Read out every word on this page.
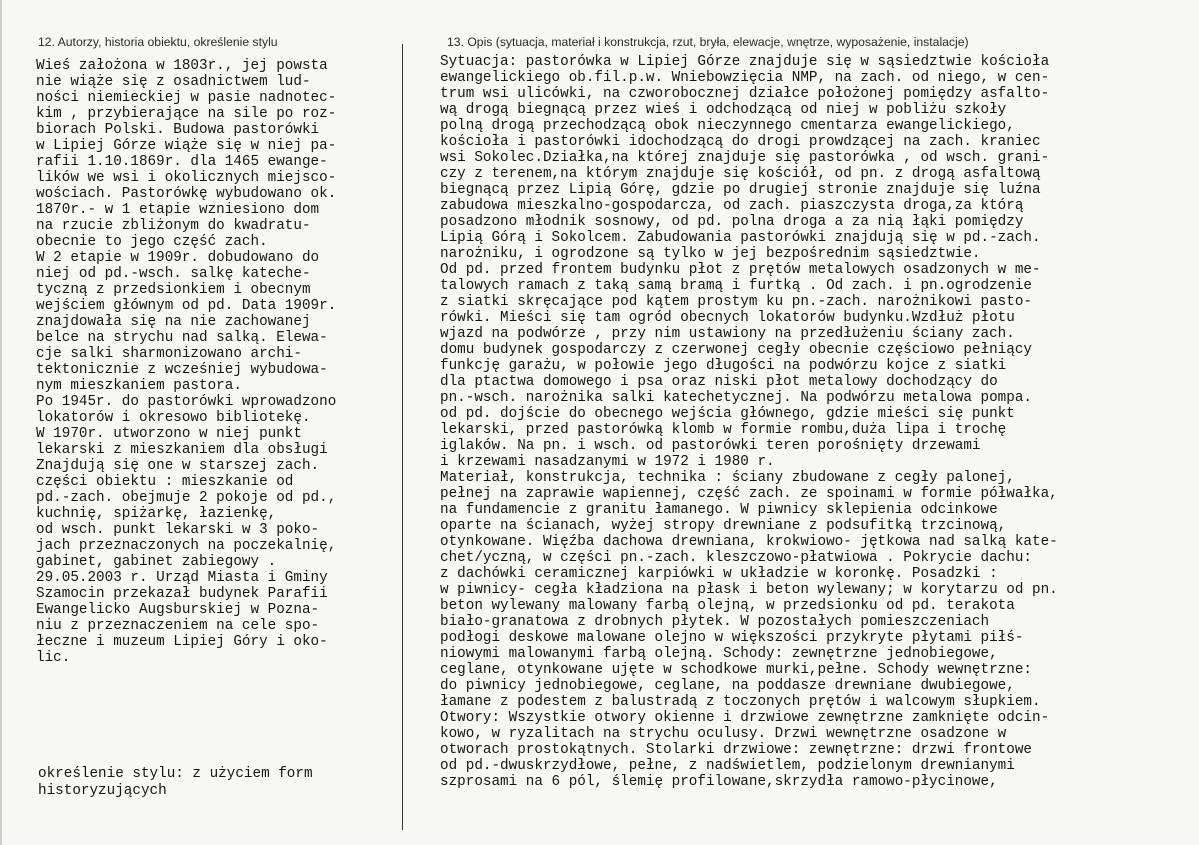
12. Autorzy, historia obiektu, określenie stylu	13. Opis (sytuacja, materiał i konstrukcja, rzut, bryła, elewacje, wnętrze, wyposażenie, instalacje)
Wieś założona w 1803r., jej powsta
nie wiąże się z osadnictwem lud-
ności niemieckiej w pasie nadnotec-
kim , przybierające na sile po roz-
biorach Polski. Budowa pastorówki
w Lipiej Górze wiąże się w niej pa-
rafii 1.10.1869r. dla 1465 ewange-
lików we wsi i okolicznych miejsco-
wościach. Pastorówkę wybudowano ok.
1870r.- w 1 etapie wzniesiono dom
na rzucie zbliżonym do kwadratu-
obecnie to jego część zach.
W 2 etapie w 1909r. dobudowano do
niej od pd.-wsch. salkę kateche-
tyczną z przedsionkiem i obecnym
wejściem głównym od pd. Data 1909r.
znajdowała się na nie zachowanej
belce na strychu nad salką. Elewa-
cje salki sharmonizowano archi-
tektonicznie z wcześniej wybudowa-
nym mieszkaniem pastora.
Po 1945r. do pastorówki wprowadzono
lokatorów i okresowo bibliotekę.
W 1970r. utworzono w niej punkt
lekarski z mieszkaniem dla obsługi
Znajdują się one w starszej zach.
części obiektu : mieszkanie od
pd.-zach. obejmuje 2 pokoje od pd.,
kuchnię, spiżarkę, łazienkę,
od wsch. punkt lekarski w 3 poko-
jach przeznaczonych na poczekalnię,
gabinet, gabinet zabiegowy .
29.05.2003 r. Urząd Miasta i Gminy
Szamocin przekazał budynek Parafii
Ewangelicko Augsburskiej w Pozna-
niu z przeznaczeniem na cele spo-
łeczne i muzeum Lipiej Góry i oko-
lic.
określenie stylu: z użyciem form
historyzujących
Sytuacja: pastorówka w Lipiej Górze znajduje się w sąsiedztwie kościoła
ewangelickiego ob.fil.p.w. Wniebowzięcia NMP, na zach. od niego, w cen-
trum wsi ulicówki, na czworobocznej działce położonej pomiędzy asfalto-
wą drogą biegnącą przez wieś i odchodzącą od niej w pobliżu szkoły
polną drogą przechodzącą obok nieczynnego cmentarza ewangelickiego,
kościoła i pastorówki idochodzącą do drogi prowdzącej na zach. kraniec
wsi Sokolec.Działka,na której znajduje się pastorówka , od wsch. grani-
czy z terenem,na którym znajduje się kościół, od pn. z drogą asfaltową
biegnącą przez Lipią Górę, gdzie po drugiej stronie znajduje się luźna
zabudowa mieszkalno-gospodarcza, od zach. piaszczysta droga,za którą
posadzono młodnik sosnowy, od pd. polna droga a za nią łąki pomiędzy
Lipią Górą i Sokolcem. Zabudowania pastorówki znajdują się w pd.-zach.
narożniku, i ogrodzone są tylko w jej bezpośrednim sąsiedztwie.
Od pd. przed frontem budynku płot z prętów metalowych osadzonych w me-
talowych ramach z taką samą bramą i furtką . Od zach. i pn.ogrodzenie
z siatki skręcające pod kątem prostym ku pn.-zach. narożnikowi pasto-
rówki. Mieści się tam ogród obecnych lokatorów budynku.Wzdłuż płotu
wjazd na podwórze , przy nim ustawiony na przedłużeniu ściany zach.
domu budynek gospodarczy z czerwonej cegły obecnie częściowo pełniący
funkcję garażu, w połowie jego długości na podwórzu kojce z siatki
dla ptactwa domowego i psa oraz niski płot metalowy dochodzący do
pn.-wsch. narożnika salki katechetycznej. Na podwórzu metalowa pompa.
od pd. dojście do obecnego wejścia głównego, gdzie mieści się punkt
lekarski, przed pastorówką klomb w formie rombu,duża lipa i trochę
iglaków. Na pn. i wsch. od pastorówki teren porośnięty drzewami
i krzewami nasadzanymi w 1972 i 1980 r.
Materiał, konstrukcja, technika : ściany zbudowane z cegły palonej,
pełnej na zaprawie wapiennej, część zach. ze spoinami w formie półwałka,
na fundamencie z granitu łamanego. W piwnicy sklepienia odcinkowe
oparte na ścianach, wyżej stropy drewniane z podsufitką trzcinową,
otynkowane. Więźba dachowa drewniana, krokwiowo- jętkowa nad salką kate-
chet/yczną, w części pn.-zach. kleszczowo-płatwiowa . Pokrycie dachu:
z dachówki ceramicznej karpiówki w układzie w koronkę. Posadzki :
w piwnicy- cegła kładziona na płask i beton wylewany; w korytarzu od pn.
beton wylewany malowany farbą olejną, w przedsionku od pd. terakota
biało-granatowa z drobnych płytek. W pozostałych pomieszczeniach
podłogi deskowe malowane olejno w większości przykryte płytami piłś-
niowymi malowanymi farbą olejną. Schody: zewnętrzne jednobiegowe,
ceglane, otynkowane ujęte w schodkowe murki,pełne. Schody wewnętrzne:
do piwnicy jednobiegowe, ceglane, na poddasze drewniane dwubiegowe,
łamane z podestem z balustradą z toczonych prętów i walcowym słupkiem.
Otwory: Wszystkie otwory okienne i drzwiowe zewnętrzne zamknięte odcin-
kowo, w ryzalitach na strychu oculusy. Drzwi wewnętrzne osadzone w
otworach prostokątnych. Stolarki drzwiowe: zewnętrzne: drzwi frontowe
od pd.-dwuskrzydłowe, pełne, z nadświetlem, podzielonym drewnianymi
szprosami na 6 pól, ślemię profilowane,skrzydła ramowo-płycinowe,
